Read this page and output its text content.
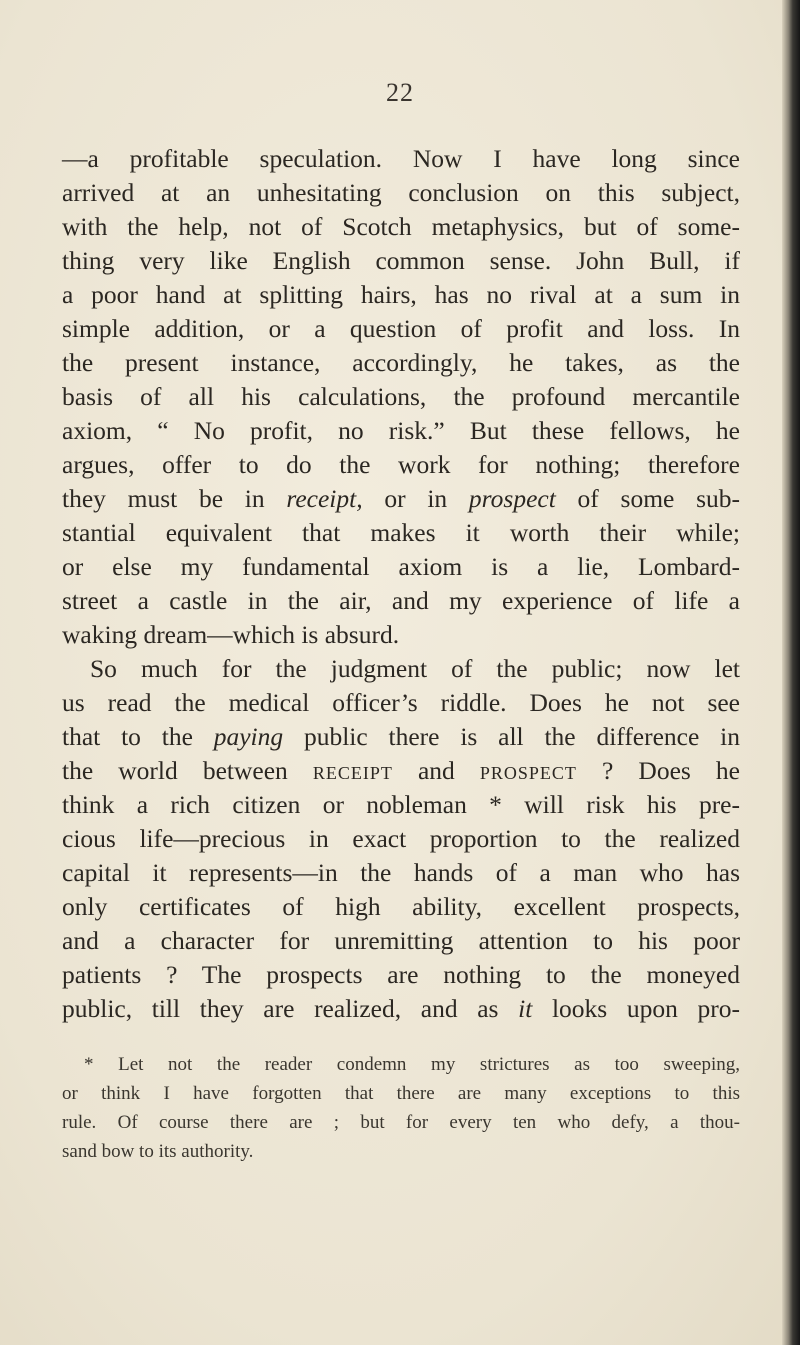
22
—a profitable speculation. Now I have long since
arrived at an unhesitating conclusion on this subject,
with the help, not of Scotch metaphysics, but of some-
thing very like English common sense. John Bull, if
a poor hand at splitting hairs, has no rival at a sum in
simple addition, or a question of profit and loss. In
the present instance, accordingly, he takes, as the
basis of all his calculations, the profound mercantile
axiom, “ No profit, no risk.” But these fellows, he
argues, offer to do the work for nothing; therefore
they must be in receipt, or in prospect of some sub-
stantial equivalent that makes it worth their while;
or else my fundamental axiom is a lie, Lombard-
street a castle in the air, and my experience of life a
waking dream—which is absurd.
So much for the judgment of the public; now let
us read the medical officer’s riddle. Does he not see
that to the paying public there is all the difference in
the world between receipt and prospect ? Does he
think a rich citizen or nobleman * will risk his pre-
cious life—precious in exact proportion to the realized
capital it represents—in the hands of a man who has
only certificates of high ability, excellent prospects,
and a character for unremitting attention to his poor
patients ? The prospects are nothing to the moneyed
public, till they are realized, and as it looks upon pro-
* Let not the reader condemn my strictures as too sweeping,
or think I have forgotten that there are many exceptions to this
rule. Of course there are ; but for every ten who defy, a thou-
sand bow to its authority.
